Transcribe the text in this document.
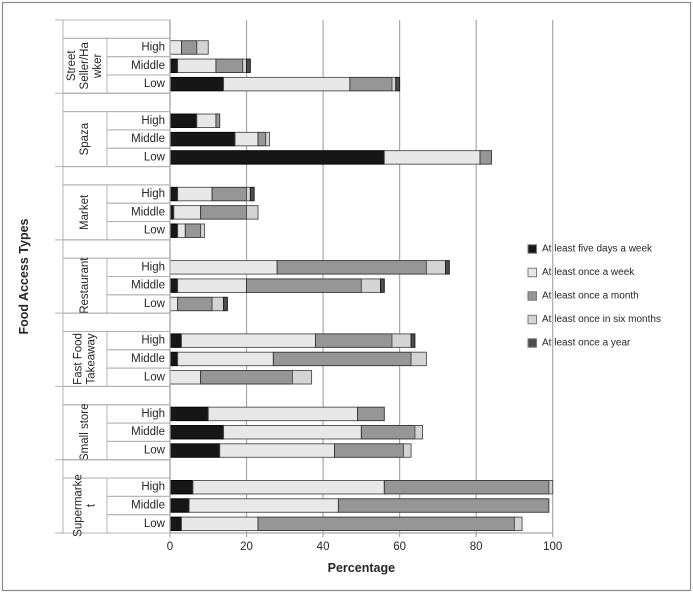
Street Seller/Ha wker
High
Middle
Low
Spaza
High
Middle
Low
Market
High
Middle
Low
Restaurant	High
Middle
Low
Fast Food Takeaway	High
Middle
Low
Small store	High
Middle
Low
Supermarke t
High
Middle
Low
0	20	40	60	80	100
Percentage
Food Access Types	At least five days a week
At least once a week
At least once a month
At least once in six months
At least once a year
